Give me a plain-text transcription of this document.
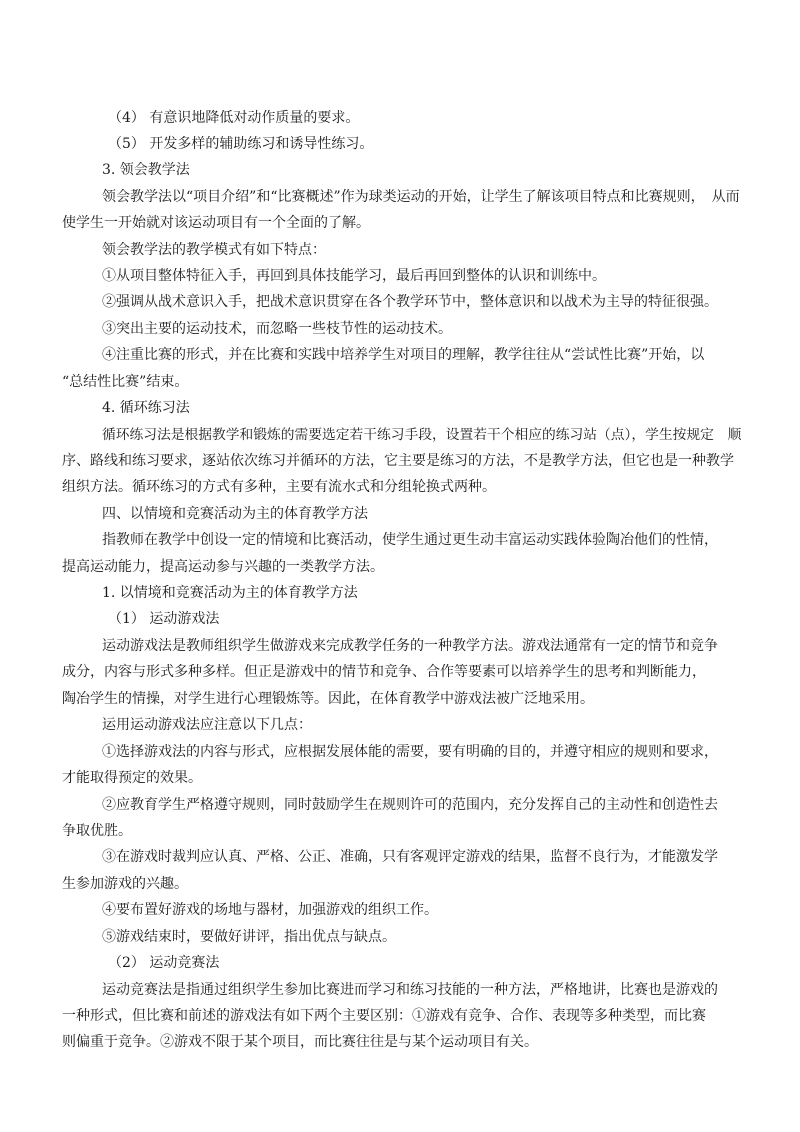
（4） 有意识地降低对动作质量的要求。
（5） 开发多样的辅助练习和诱导性练习。
3. 领会教学法
领会教学法以“项目介绍”和“比赛概述”作为球类运动的开始，让学生了解该项目特点和比赛规则，　从而
使学生一开始就对该运动项目有一个全面的了解。
领会教学法的教学模式有如下特点：
①从项目整体特征入手，再回到具体技能学习，最后再回到整体的认识和训练中。
②强调从战术意识入手，把战术意识贯穿在各个教学环节中，整体意识和以战术为主导的特征很强。
③突出主要的运动技术，而忽略一些枝节性的运动技术。
④注重比赛的形式，并在比赛和实践中培养学生对项目的理解，教学往往从“尝试性比赛”开始，以
“总结性比赛”结束。
4. 循环练习法
循环练习法是根据教学和锻炼的需要选定若干练习手段，设置若干个相应的练习站（点），学生按规定　顺
序、路线和练习要求，逐站依次练习并循环的方法，它主要是练习的方法，不是教学方法，但它也是一种教学
组织方法。循环练习的方式有多种，主要有流水式和分组轮换式两种。
四、以情境和竞赛活动为主的体育教学方法
指教师在教学中创设一定的情境和比赛活动，使学生通过更生动丰富运动实践体验陶冶他们的性情，
提高运动能力，提高运动参与兴趣的一类教学方法。
1. 以情境和竞赛活动为主的体育教学方法
（1） 运动游戏法
运动游戏法是教师组织学生做游戏来完成教学任务的一种教学方法。游戏法通常有一定的情节和竞争
成分，内容与形式多种多样。但正是游戏中的情节和竞争、合作等要素可以培养学生的思考和判断能力，
陶冶学生的情操，对学生进行心理锻炼等。因此，在体育教学中游戏法被广泛地采用。
运用运动游戏法应注意以下几点：
①选择游戏法的内容与形式，应根据发展体能的需要，要有明确的目的，并遵守相应的规则和要求，
才能取得预定的效果。
②应教育学生严格遵守规则，同时鼓励学生在规则许可的范围内，充分发挥自己的主动性和创造性去
争取优胜。
③在游戏时裁判应认真、严格、公正、准确，只有客观评定游戏的结果，监督不良行为，才能激发学
生参加游戏的兴趣。
④要布置好游戏的场地与器材，加强游戏的组织工作。
⑤游戏结束时，要做好讲评，指出优点与缺点。
（2） 运动竞赛法
运动竞赛法是指通过组织学生参加比赛进而学习和练习技能的一种方法，严格地讲，比赛也是游戏的
一种形式，但比赛和前述的游戏法有如下两个主要区别：①游戏有竞争、合作、表现等多种类型，而比赛
则偏重于竞争。②游戏不限于某个项目，而比赛往往是与某个运动项目有关。
